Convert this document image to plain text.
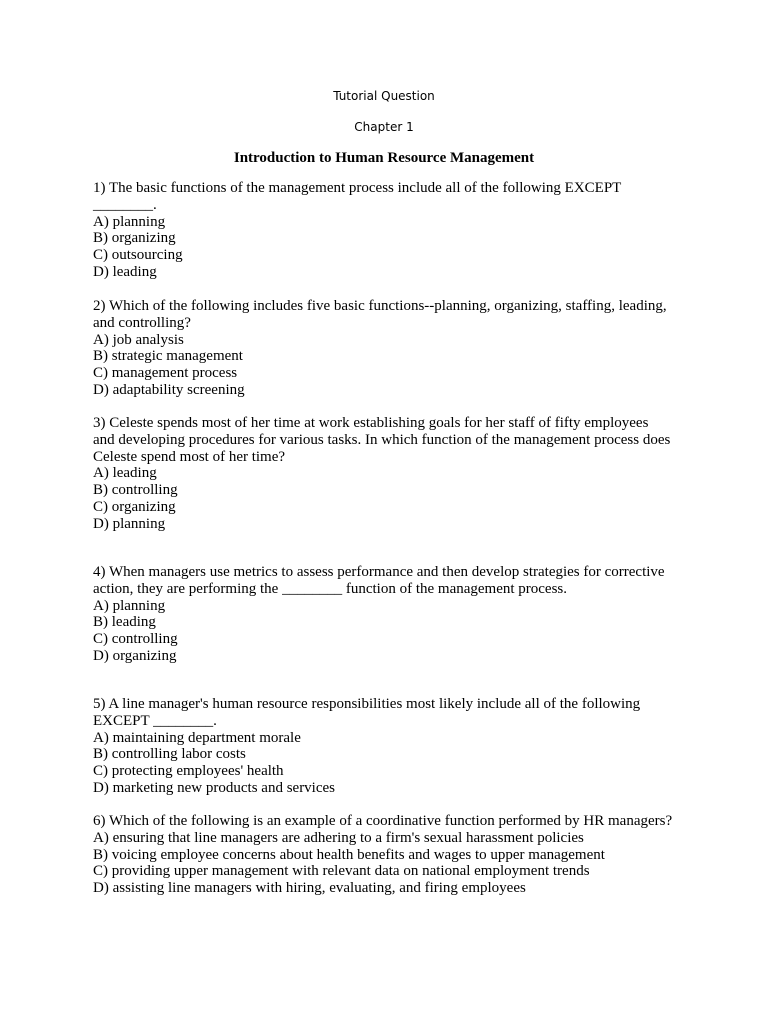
Tutorial Question
Chapter 1
Introduction to Human Resource Management
1) The basic functions of the management process include all of the following EXCEPT ________.
A) planning
B) organizing
C) outsourcing
D) leading
2) Which of the following includes five basic functions--planning, organizing, staffing, leading, and controlling?
A) job analysis
B) strategic management
C) management process
D) adaptability screening
3) Celeste spends most of her time at work establishing goals for her staff of fifty employees and developing procedures for various tasks. In which function of the management process does Celeste spend most of her time?
A) leading
B) controlling
C) organizing
D) planning
4) When managers use metrics to assess performance and then develop strategies for corrective action, they are performing the ________ function of the management process.
A) planning
B) leading
C) controlling
D) organizing
5) A line manager's human resource responsibilities most likely include all of the following EXCEPT ________.
A) maintaining department morale
B) controlling labor costs
C) protecting employees' health
D) marketing new products and services
6) Which of the following is an example of a coordinative function performed by HR managers?
A) ensuring that line managers are adhering to a firm's sexual harassment policies
B) voicing employee concerns about health benefits and wages to upper management
C) providing upper management with relevant data on national employment trends
D) assisting line managers with hiring, evaluating, and firing employees
